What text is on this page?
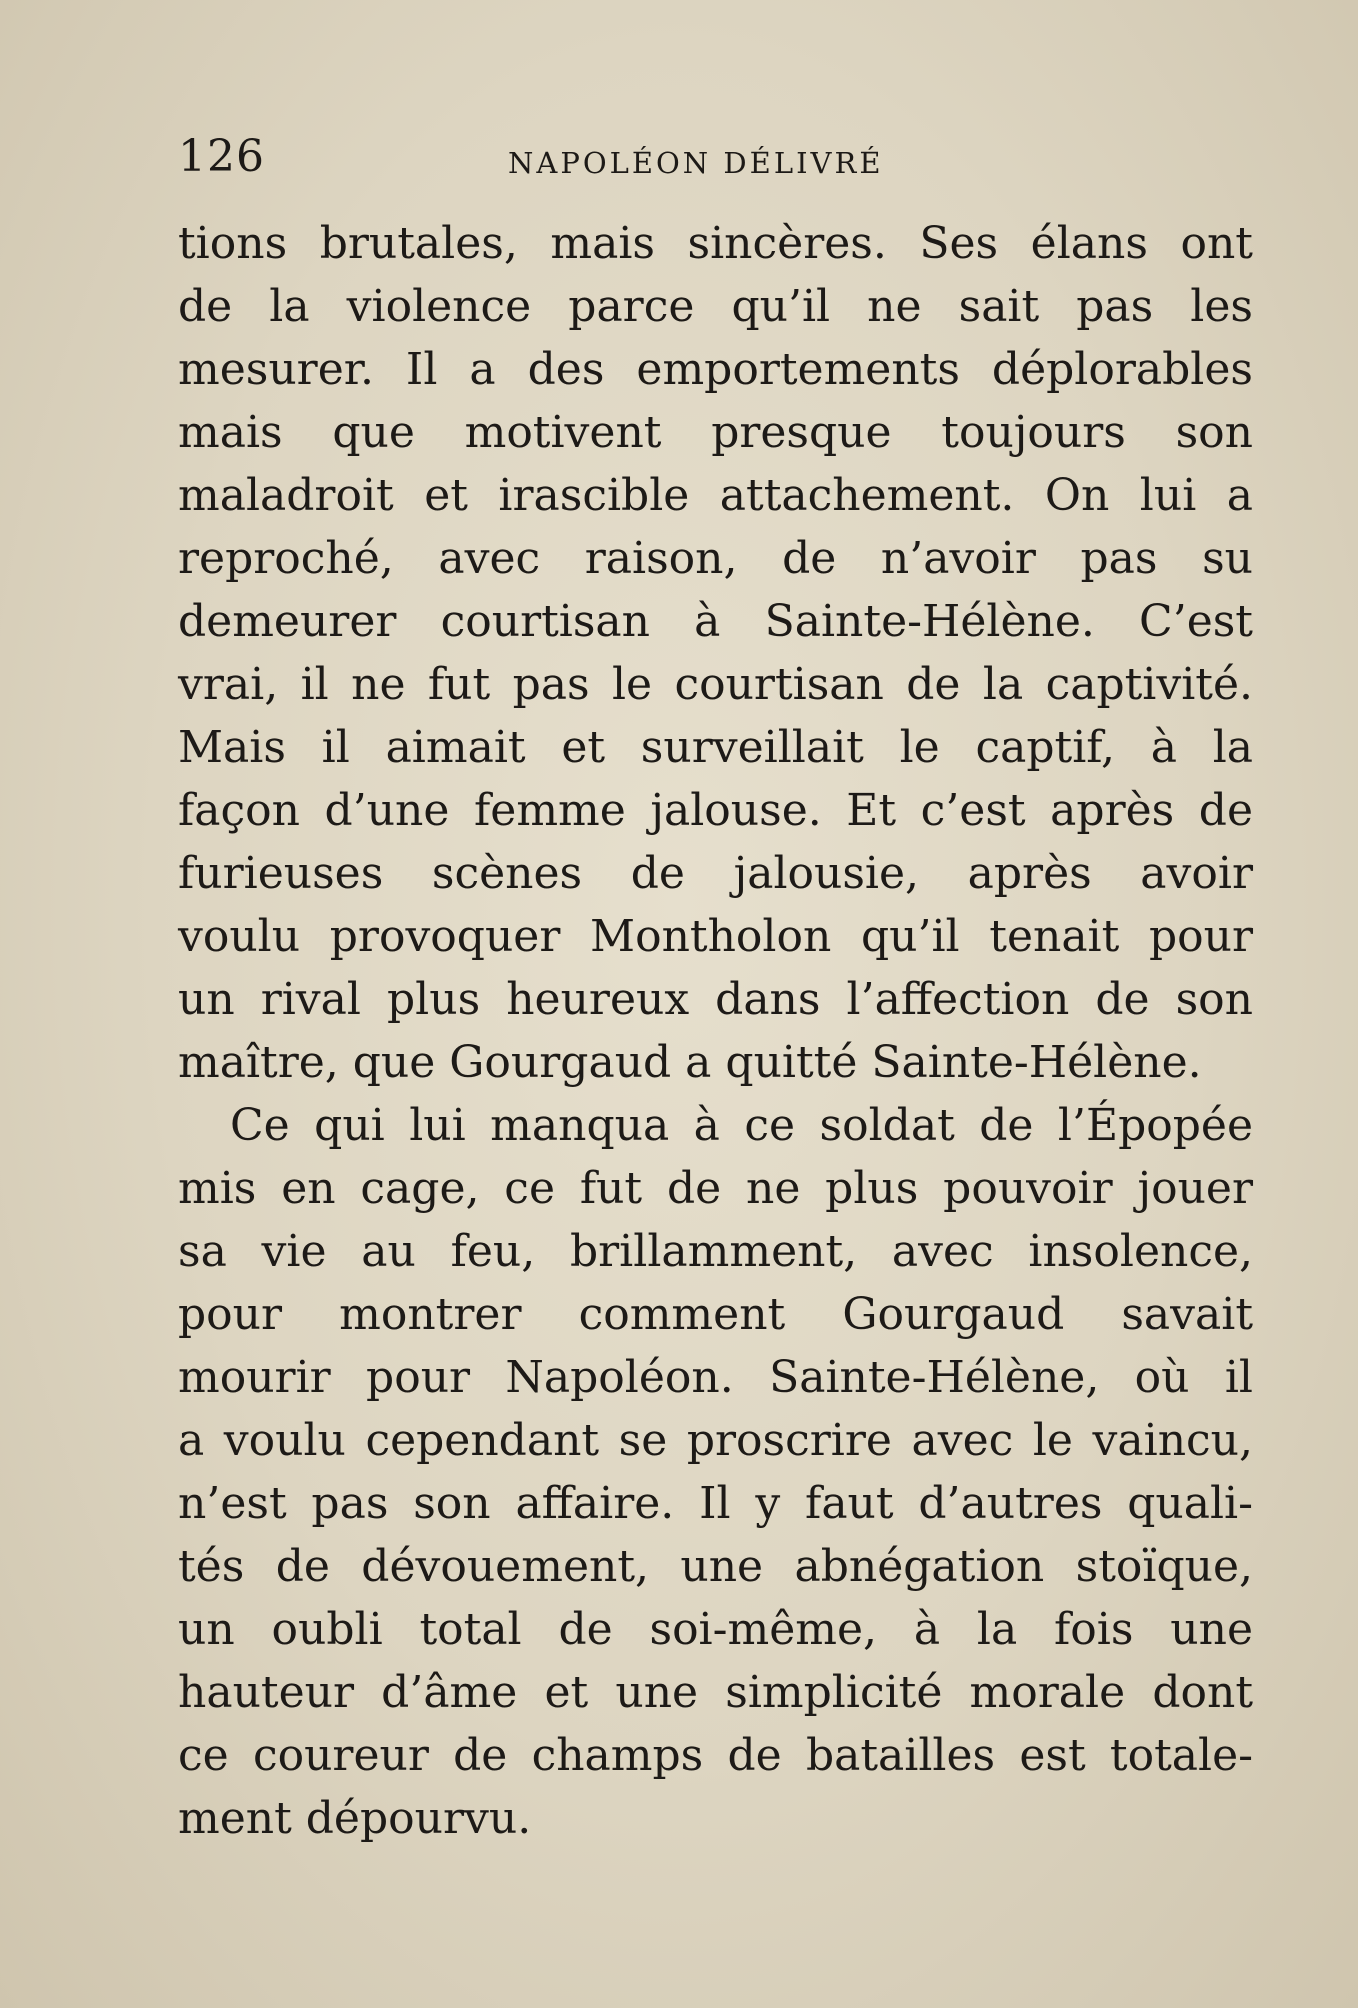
126	NAPOLÉON DÉLIVRÉ
tions brutales, mais sincères. Ses élans ont
de la violence parce qu’il ne sait pas les
mesurer. Il a des emportements déplorables
mais que motivent presque toujours son
maladroit et irascible attachement. On lui a
reproché, avec raison, de n’avoir pas su
demeurer courtisan à Sainte-Hélène. C’est
vrai, il ne fut pas le courtisan de la captivité.
Mais il aimait et surveillait le captif, à la
façon d’une femme jalouse. Et c’est après de
furieuses scènes de jalousie, après avoir
voulu provoquer Montholon qu’il tenait pour
un rival plus heureux dans l’affection de son
maître, que Gourgaud a quitté Sainte-Hélène.
Ce qui lui manqua à ce soldat de l’Épopée
mis en cage, ce fut de ne plus pouvoir jouer
sa vie au feu, brillamment, avec insolence,
pour montrer comment Gourgaud savait
mourir pour Napoléon. Sainte-Hélène, où il
a voulu cependant se proscrire avec le vaincu,
n’est pas son affaire. Il y faut d’autres quali-
tés de dévouement, une abnégation stoïque,
un oubli total de soi-même, à la fois une
hauteur d’âme et une simplicité morale dont
ce coureur de champs de batailles est totale-
ment dépourvu.
